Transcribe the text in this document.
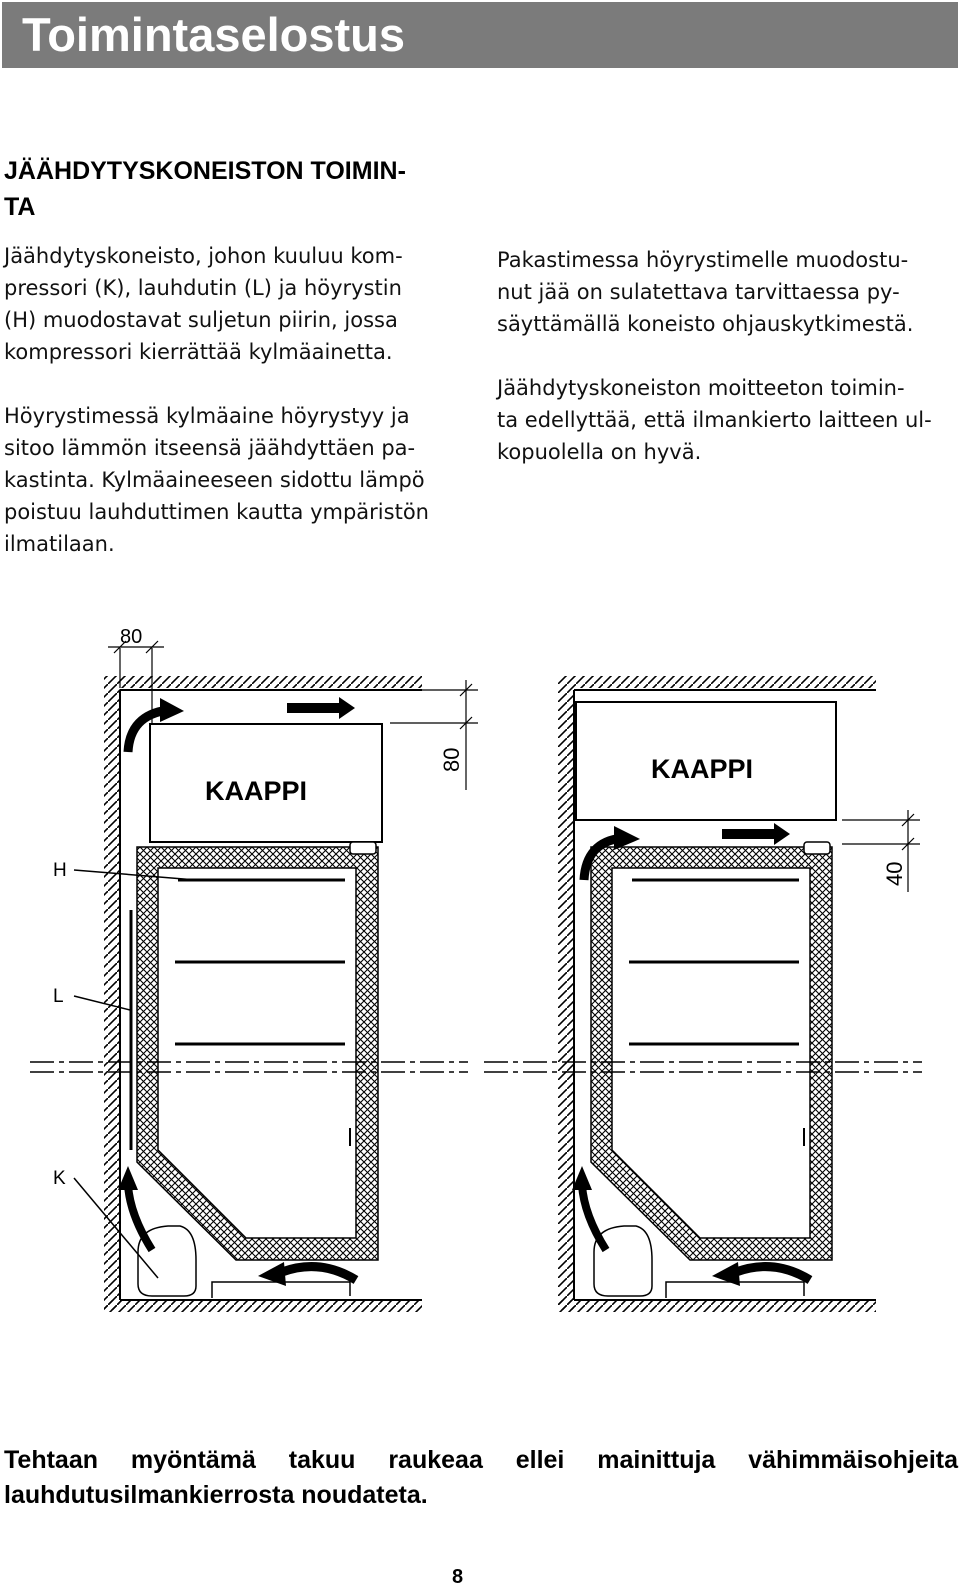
Toimintaselostus
JÄÄHDYTYSKONEISTON TOIMIN-
TA
Jäähdytyskoneisto, johon kuuluu kom-
pressori (K), lauhdutin (L) ja höyrystin
(H) muodostavat suljetun piirin, jossa
kompressori kierrättää kylmäainetta.
Höyrystimessä kylmäaine höyrystyy ja
sitoo lämmön itseensä jäähdyttäen pa-
kastinta. Kylmäaineeseen sidottu lämpö
poistuu lauhduttimen kautta ympäristön
ilmatilaan.
Pakastimessa höyrystimelle muodostu-
nut jää on sulatettava tarvittaessa py-
säyttämällä koneisto ohjauskytkimestä.
Jäähdytyskoneiston moitteeton toimin-
ta edellyttää, että ilmankierto laitteen ul-
kopuolella on hyvä.
80
KAAPPI
80
H
L
K
KAAPPI
40
Tehtaan myöntämä takuu raukeaa ellei mainittuja vähimmäisohjeita
lauhdutusilmankierrosta noudateta.
8
